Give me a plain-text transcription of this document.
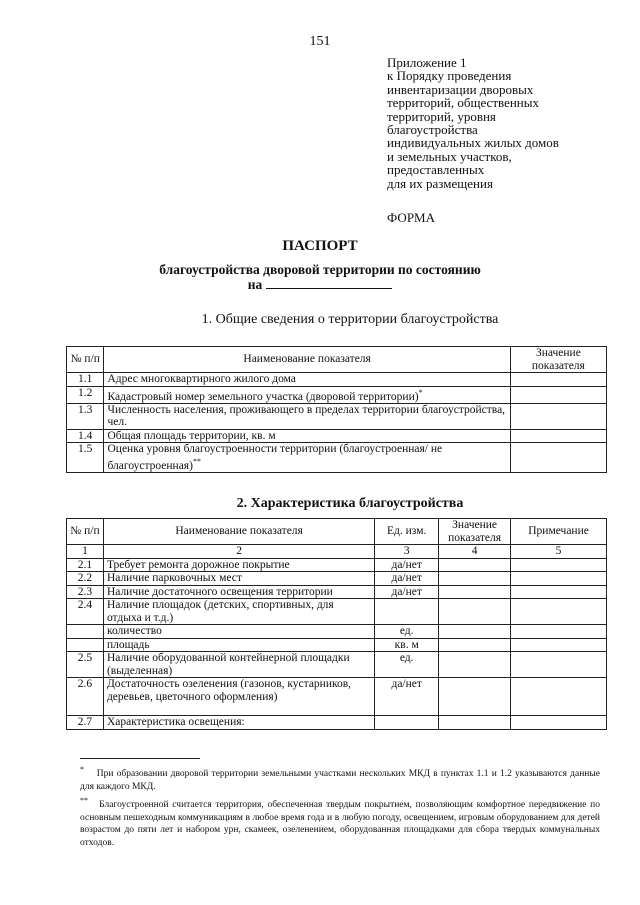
151
Приложение 1
к Порядку проведения
инвентаризации дворовых
территорий, общественных
территорий, уровня
благоустройства
индивидуальных жилых домов
и земельных участков,
предоставленных
для их размещения
ФОРМА
ПАСПОРТ
благоустройства дворовой территории по состоянию
на
1. Общие сведения о территории благоустройства
№ п/п	Наименование показателя	Значение показателя
1.1	Адрес многоквартирного жилого дома	
1.2	Кадастровый номер земельного участка (дворовой территории)*	
1.3	Численность населения, проживающего в пределах территории благоустройства, чел.	
1.4	Общая площадь территории, кв. м	
1.5	Оценка уровня благоустроенности территории (благоустроенная/ не благоустроенная)**	
2. Характеристика благоустройства
№ п/п	Наименование показателя	Ед. изм.	Значение показателя	Примечание
1	2	3	4	5
2.1	Требует ремонта дорожное покрытие	да/нет		
2.2	Наличие парковочных мест	да/нет		
2.3	Наличие достаточного освещения территории	да/нет		
2.4	Наличие площадок (детских, спортивных, для отдыха и т.д.)			
	количество	ед.		
	площадь	кв. м		
2.5	Наличие оборудованной контейнерной площадки (выделенная)	ед.		
2.6	Достаточность озеленения (газонов, кустарников, деревьев, цветочного оформления)	да/нет		
2.7	Характеристика освещения:			

* При образовании дворовой территории земельными участками нескольких МКД в пунктах 1.1 и 1.2 указываются данные для каждого МКД.

** Благоустроенной считается территория, обеспеченная твердым покрытием, позволяющим комфортное передвижение по основным пешеходным коммуникациям в любое время года и в любую погоду, освещением, игровым оборудованием для детей возрастом до пяти лет и набором урн, скамеек, озеленением, оборудованная площадками для сбора твердых коммунальных отходов.
